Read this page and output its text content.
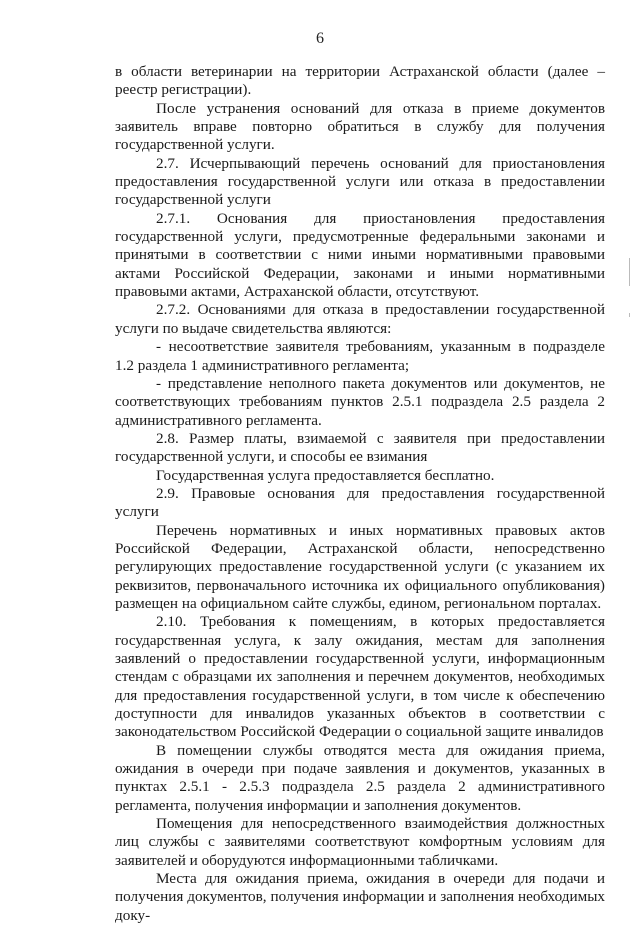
6

в области ветеринарии на территории Астраханской области (далее – реестр регистрации).

После устранения оснований для отказа в приеме документов заявитель вправе повторно обратиться в службу для получения государственной услуги.

2.7. Исчерпывающий перечень оснований для приостановления предоставления государственной услуги или отказа в предоставлении государственной услуги

2.7.1. Основания для приостановления предоставления государственной услуги, предусмотренные федеральными законами и принятыми в соответствии с ними иными нормативными правовыми актами Российской Федерации, законами и иными нормативными правовыми актами, Астраханской области, отсутствуют.

2.7.2. Основаниями для отказа в предоставлении государственной услуги по выдаче свидетельства являются:

- несоответствие заявителя требованиям, указанным в подразделе 1.2 раздела 1 административного регламента;

- представление неполного пакета документов или документов, не соответствующих требованиям пунктов 2.5.1 подраздела 2.5 раздела 2 административного регламента.

2.8. Размер платы, взимаемой с заявителя при предоставлении государственной услуги, и способы ее взимания

Государственная услуга предоставляется бесплатно.

2.9. Правовые основания для предоставления государственной услуги

Перечень нормативных и иных нормативных правовых актов Российской Федерации, Астраханской области, непосредственно регулирующих предоставление государственной услуги (с указанием их реквизитов, первоначального источника их официального опубликования) размещен на официальном сайте службы, едином, региональном порталах.

2.10. Требования к помещениям, в которых предоставляется государственная услуга, к залу ожидания, местам для заполнения заявлений о предоставлении государственной услуги, информационным стендам с образцами их заполнения и перечнем документов, необходимых для предоставления государственной услуги, в том числе к обеспечению доступности для инвалидов указанных объектов в соответствии с законодательством Российской Федерации о социальной защите инвалидов

В помещении службы отводятся места для ожидания приема, ожидания в очереди при подаче заявления и документов, указанных в пунктах 2.5.1 - 2.5.3 подраздела 2.5 раздела 2 административного регламента, получения информации и заполнения документов.

Помещения для непосредственного взаимодействия должностных лиц службы с заявителями соответствуют комфортным условиям для заявителей и оборудуются информационными табличками.

Места для ожидания приема, ожидания в очереди для подачи и получения документов, получения информации и заполнения необходимых доку-
